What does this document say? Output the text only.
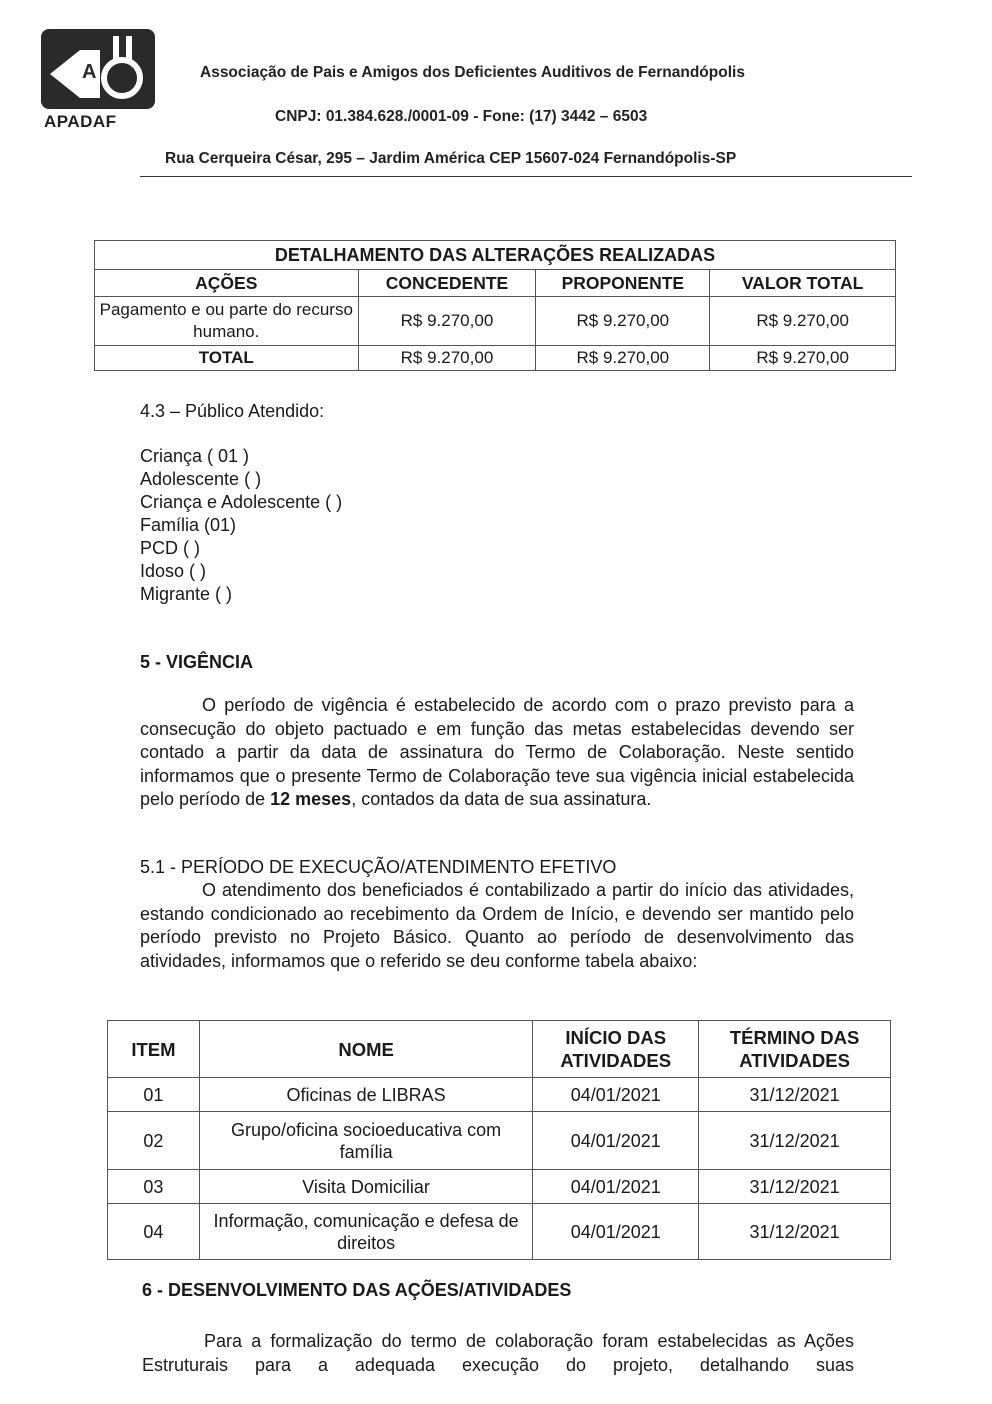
A
APADAF
Associação de Pais e Amigos dos Deficientes Auditivos de Fernandópolis
CNPJ: 01.384.628./0001-09 - Fone: (17) 3442 – 6503
Rua Cerqueira César, 295 – Jardim América CEP 15607-024 Fernandópolis-SP
DETALHAMENTO DAS ALTERAÇÕES REALIZADAS			
AÇÕES	CONCEDENTE	PROPONENTE	VALOR TOTAL
Pagamento e ou parte do recurso humano.	R$ 9.270,00	R$ 9.270,00	R$ 9.270,00
TOTAL	R$ 9.270,00	R$ 9.270,00	R$ 9.270,00
4.3 – Público Atendido:
Criança ( 01 )
Adolescente ( )
Criança e Adolescente ( )
Família (01)
PCD ( )
Idoso ( )
Migrante ( )
5 - VIGÊNCIA
O período de vigência é estabelecido de acordo com o prazo previsto para a consecução do objeto pactuado e em função das metas estabelecidas devendo ser contado a partir da data de assinatura do Termo de Colaboração. Neste sentido informamos que o presente Termo de Colaboração teve sua vigência inicial estabelecida pelo período de 12 meses, contados da data de sua assinatura.
5.1 - PERÍODO DE EXECUÇÃO/ATENDIMENTO EFETIVO
O atendimento dos beneficiados é contabilizado a partir do início das atividades, estando condicionado ao recebimento da Ordem de Início, e devendo ser mantido pelo período previsto no Projeto Básico. Quanto ao período de desenvolvimento das atividades, informamos que o referido se deu conforme tabela abaixo:
ITEM	NOME	INÍCIO DAS ATIVIDADES	TÉRMINO DAS ATIVIDADES
01	Oficinas de LIBRAS	04/01/2021	31/12/2021
02	Grupo/oficina socioeducativa com família	04/01/2021	31/12/2021
03	Visita Domiciliar	04/01/2021	31/12/2021
04	Informação, comunicação e defesa de direitos	04/01/2021	31/12/2021
6 - DESENVOLVIMENTO DAS AÇÕES/ATIVIDADES
Para a formalização do termo de colaboração foram estabelecidas as Ações Estruturais para a adequada execução do projeto, detalhando suas
